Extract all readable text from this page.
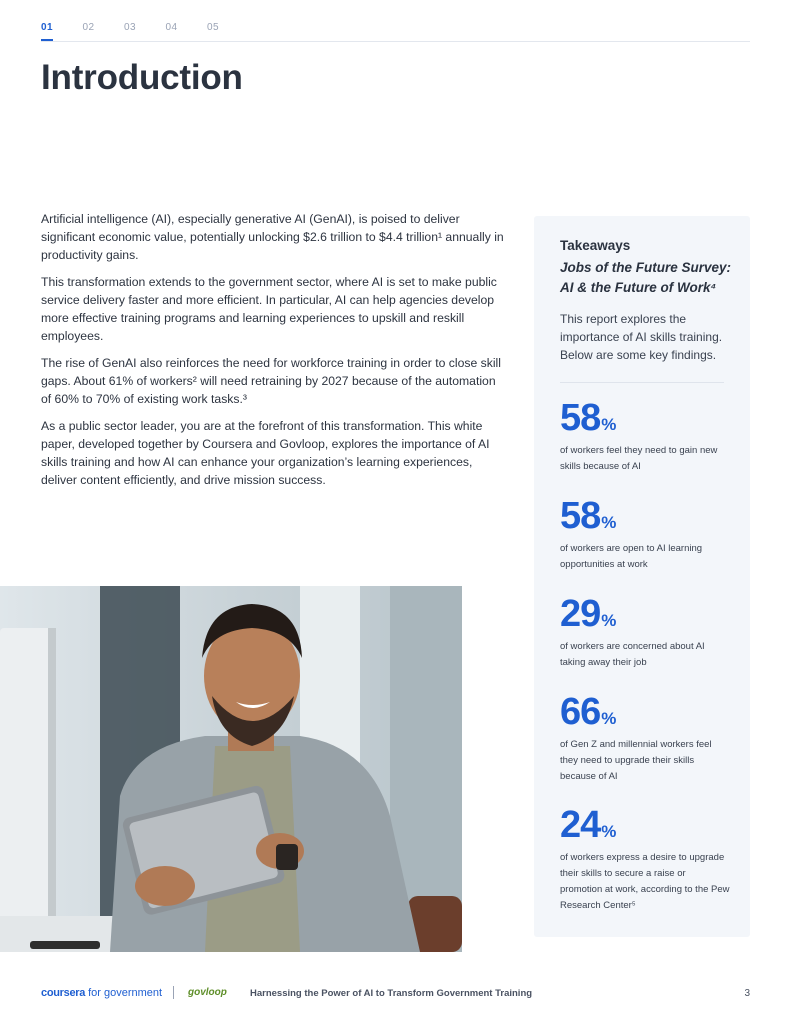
01	02	03	04	05
Introduction

Artificial intelligence (AI), especially generative AI (GenAI), is poised to deliver significant economic value, potentially unlocking $2.6 trillion to $4.4 trillion¹ annually in productivity gains.

This transformation extends to the government sector, where AI is set to make public service delivery faster and more efficient. In particular, AI can help agencies develop more effective training programs and learning experiences to upskill and reskill employees.

The rise of GenAI also reinforces the need for workforce training in order to close skill gaps. About 61% of workers² will need retraining by 2027 because of the automation of 60% to 70% of existing work tasks.³

As a public sector leader, you are at the forefront of this transformation. This white paper, developed together by Coursera and Govloop, explores the importance of AI skills training and how AI can enhance your organization’s learning experiences, deliver content efficiently, and drive mission success.

Takeaways
Jobs of the Future Survey: AI & the Future of Work⁴
This report explores the importance of AI skills training. Below are some key findings.
58%
of workers feel they need to gain new skills because of AI
58%
of workers are open to AI learning opportunities at work
29%
of workers are concerned about AI taking away their job
66%
of Gen Z and millennial workers feel they need to upgrade their skills because of AI
24%
of workers express a desire to upgrade their skills to secure a raise or promotion at work, according to the Pew Research Center⁵
coursera for government	govloop Harnessing the Power of AI to Transform Government Training	3
